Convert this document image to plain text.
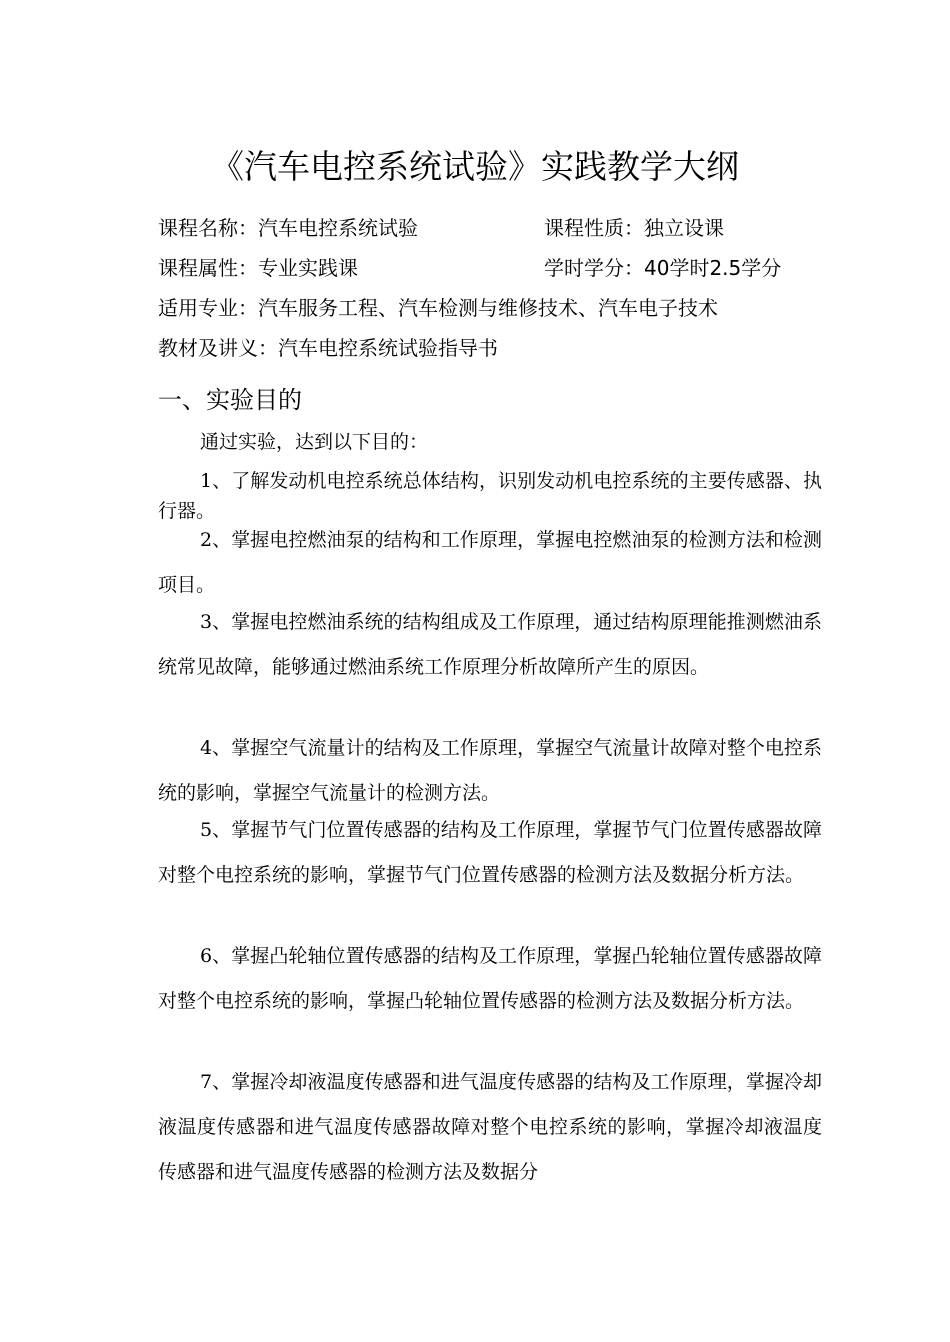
《汽车电控系统试验》实践教学大纲
课程名称：汽车电控系统试验	课程性质：独立设课
课程属性：专业实践课	学时学分：40学时2.5学分
适用专业：汽车服务工程、汽车检测与维修技术、汽车电子技术
教材及讲义：汽车电控系统试验指导书
一、实验目的
通过实验，达到以下目的：

1、了解发动机电控系统总体结构，识别发动机电控系统的主要传感器、执行器。

2、掌握电控燃油泵的结构和工作原理，掌握电控燃油泵的检测方法和检测项目。

3、掌握电控燃油系统的结构组成及工作原理，通过结构原理能推测燃油系统常见故障，能够通过燃油系统工作原理分析故障所产生的原因。

4、掌握空气流量计的结构及工作原理，掌握空气流量计故障对整个电控系统的影响，掌握空气流量计的检测方法。

5、掌握节气门位置传感器的结构及工作原理，掌握节气门位置传感器故障对整个电控系统的影响，掌握节气门位置传感器的检测方法及数据分析方法。

6、掌握凸轮轴位置传感器的结构及工作原理，掌握凸轮轴位置传感器故障对整个电控系统的影响，掌握凸轮轴位置传感器的检测方法及数据分析方法。

7、掌握冷却液温度传感器和进气温度传感器的结构及工作原理，掌握冷却液温度传感器和进气温度传感器故障对整个电控系统的影响，掌握冷却液温度传感器和进气温度传感器的检测方法及数据分
